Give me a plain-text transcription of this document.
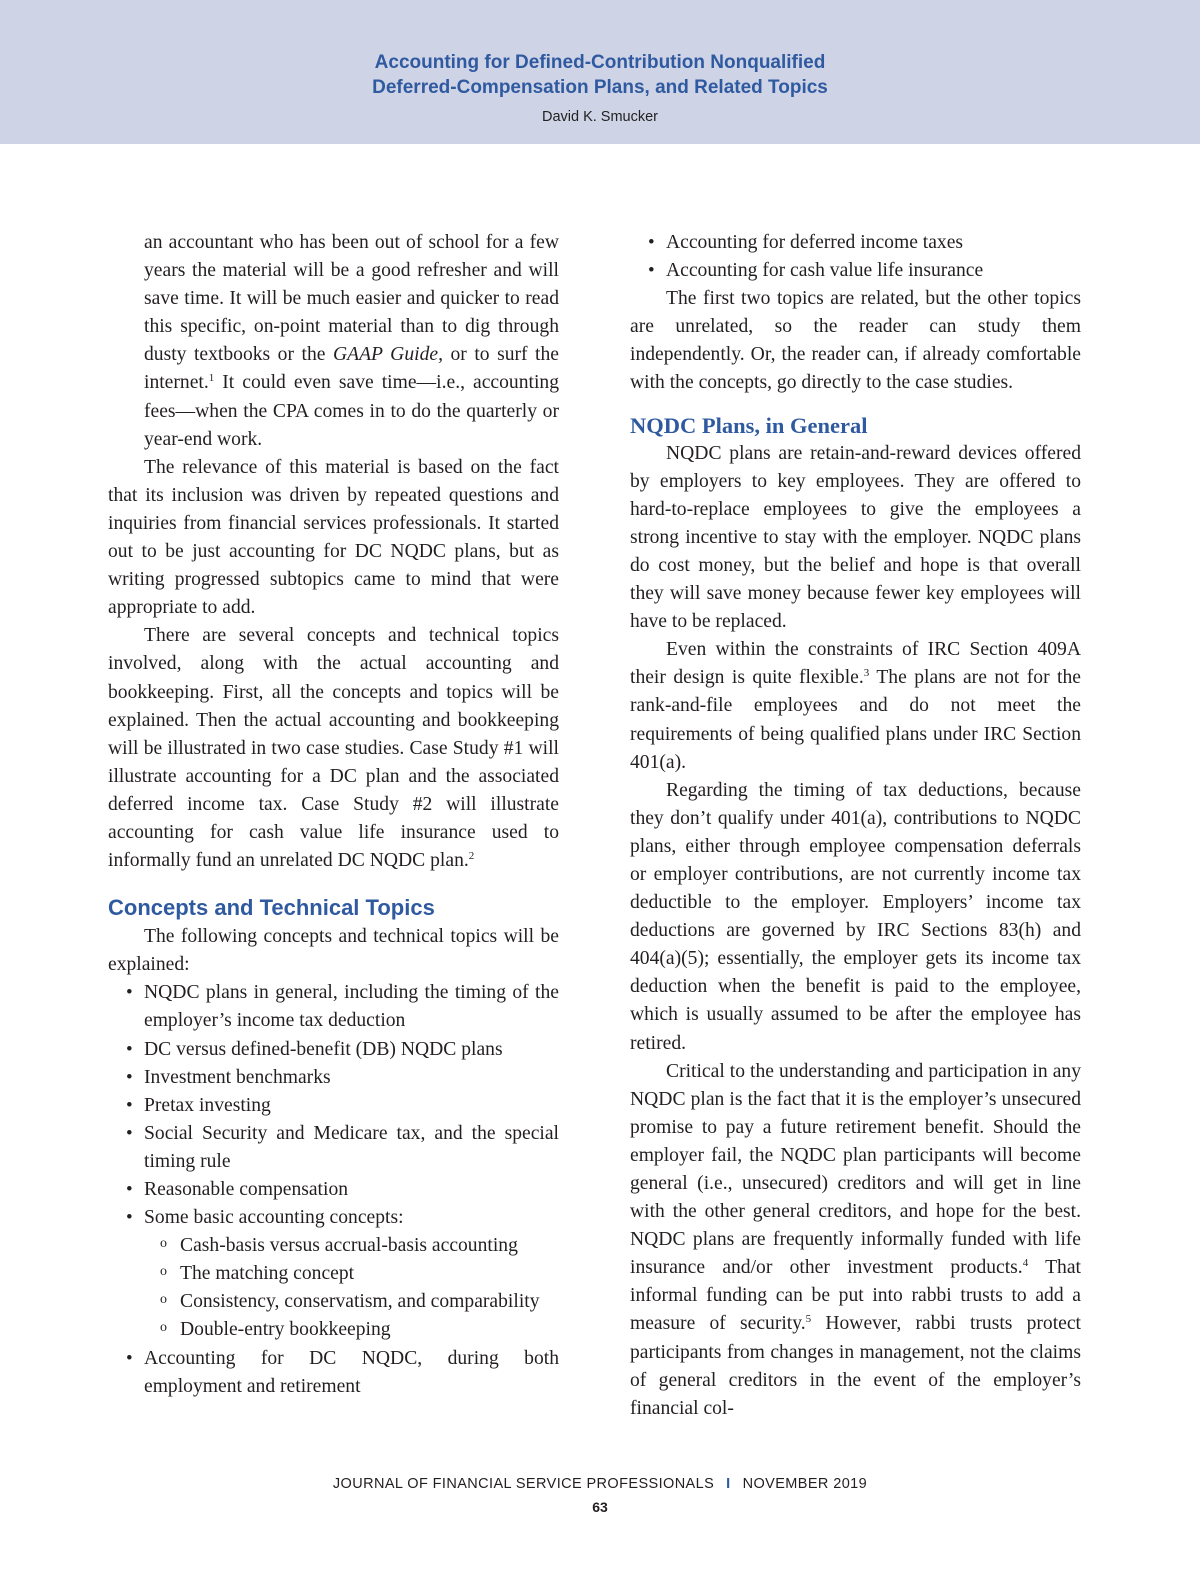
Accounting for Defined-Contribution Nonqualified
Deferred-Compensation Plans, and Related Topics
David K. Smucker

an accountant who has been out of school for a few years the material will be a good refresher and will save time. It will be much easier and quicker to read this specific, on-point material than to dig through dusty textbooks or the GAAP Guide, or to surf the internet.$^1$ It could even save time—i.e., accounting fees—when the CPA comes in to do the quarterly or year-end work.

The relevance of this material is based on the fact that its inclusion was driven by repeated questions and inquiries from financial services professionals. It started out to be just accounting for DC NQDC plans, but as writing progressed subtopics came to mind that were appropriate to add.

There are several concepts and technical topics involved, along with the actual accounting and bookkeeping. First, all the concepts and topics will be explained. Then the actual accounting and bookkeeping will be illustrated in two case studies. Case Study #1 will illustrate accounting for a DC plan and the associated deferred income tax. Case Study #2 will illustrate accounting for cash value life insurance used to informally fund an unrelated DC NQDC plan.$^2$

Concepts and Technical Topics

The following concepts and technical topics will be explained:

• NQDC plans in general, including the timing of the employer’s income tax deduction
• DC versus defined-benefit (DB) NQDC plans
• Investment benchmarks
• Pretax investing
• Social Security and Medicare tax, and the special timing rule
• Reasonable compensation
• Some basic accounting concepts:
o Cash-basis versus accrual-basis accounting
o The matching concept
o Consistency, conservatism, and comparability
o Double-entry bookkeeping
• Accounting for DC NQDC, during both employment and retirement
• Accounting for deferred income taxes
• Accounting for cash value life insurance

The first two topics are related, but the other topics are unrelated, so the reader can study them independently. Or, the reader can, if already comfortable with the concepts, go directly to the case studies.

NQDC Plans, in General

NQDC plans are retain-and-reward devices offered by employers to key employees. They are offered to hard-to-replace employees to give the employees a strong incentive to stay with the employer. NQDC plans do cost money, but the belief and hope is that overall they will save money because fewer key employees will have to be replaced.

Even within the constraints of IRC Section 409A their design is quite flexible.$^3$ The plans are not for the rank-and-file employees and do not meet the requirements of being qualified plans under IRC Section 401(a).

Regarding the timing of tax deductions, because they don’t qualify under 401(a), contributions to NQDC plans, either through employee compensation deferrals or employer contributions, are not currently income tax deductible to the employer. Employers’ income tax deductions are governed by IRC Sections 83(h) and 404(a)(5); essentially, the employer gets its income tax deduction when the benefit is paid to the employee, which is usually assumed to be after the employee has retired.

Critical to the understanding and participation in any NQDC plan is the fact that it is the employer’s unsecured promise to pay a future retirement benefit. Should the employer fail, the NQDC plan participants will become general (i.e., unsecured) creditors and will get in line with the other general creditors, and hope for the best. NQDC plans are frequently informally funded with life insurance and/or other investment products.$^4$ That informal funding can be put into rabbi trusts to add a measure of security.$^5$ However, rabbi trusts protect participants from changes in management, not the claims of general creditors in the event of the employer’s financial col-

JOURNAL OF FINANCIAL SERVICE PROFESSIONALS I NOVEMBER 2019
63
